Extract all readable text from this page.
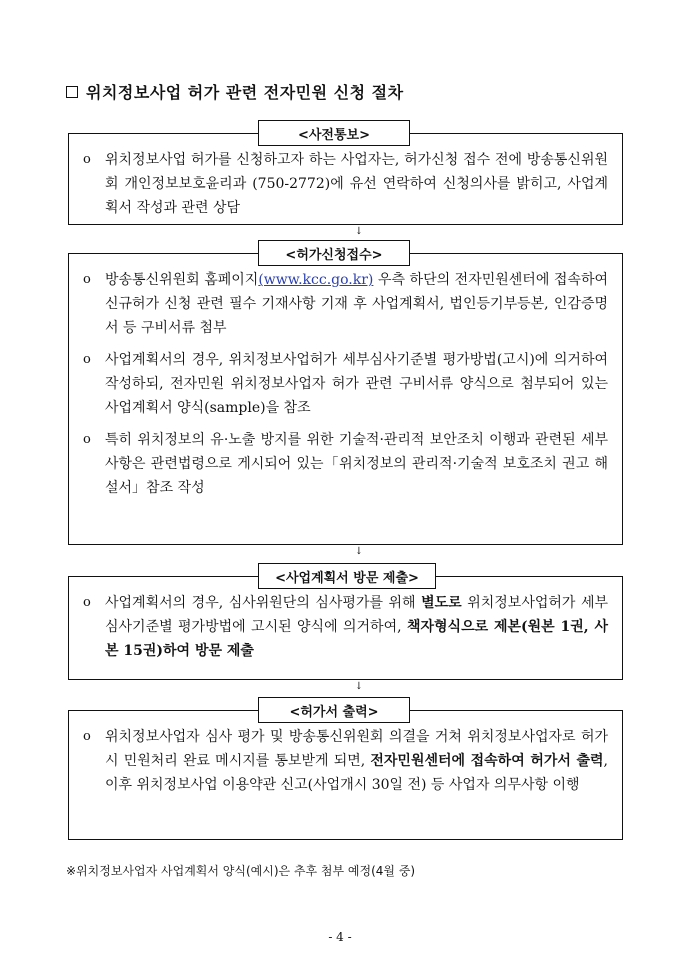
위치정보사업 허가 관련 전자민원 신청 절차
<사전통보>
o	위치정보사업 허가를 신청하고자 하는 사업자는, 허가신청 접수 전에 방송통신위원회 개인정보보호윤리과 (750-2772)에 유선 연락하여 신청의사를 밝히고, 사업계획서 작성과 관련 상담
↓
<허가신청접수>
o	방송통신위원회 홈페이지(www.kcc.go.kr) 우측 하단의 전자민원센터에 접속하여 신규허가 신청 관련 필수 기재사항 기재 후 사업계획서, 법인등기부등본, 인감증명서 등 구비서류 첨부
o	사업계획서의 경우, 위치정보사업허가 세부심사기준별 평가방법(고시)에 의거하여 작성하되, 전자민원 위치정보사업자 허가 관련 구비서류 양식으로 첨부되어 있는 사업계획서 양식(sample)을 참조
o	특히 위치정보의 유·노출 방지를 위한 기술적·관리적 보안조치 이행과 관련된 세부사항은 관련법령으로 게시되어 있는「위치정보의 관리적·기술적 보호조치 권고 해설서」참조 작성
↓
<사업계획서 방문 제출>
o	사업계획서의 경우, 심사위원단의 심사평가를 위해 별도로 위치정보사업허가 세부심사기준별 평가방법에 고시된 양식에 의거하여, 책자형식으로 제본(원본 1권, 사본 15권)하여 방문 제출
↓
<허가서 출력>
o	위치정보사업자 심사 평가 및 방송통신위원회 의결을 거쳐 위치정보사업자로 허가시 민원처리 완료 메시지를 통보받게 되면, 전자민원센터에 접속하여 허가서 출력, 이후 위치정보사업 이용약관 신고(사업개시 30일 전) 등 사업자 의무사항 이행
※위치정보사업자 사업계획서 양식(예시)은 추후 첨부 예정(4월 중)
- 4 -
